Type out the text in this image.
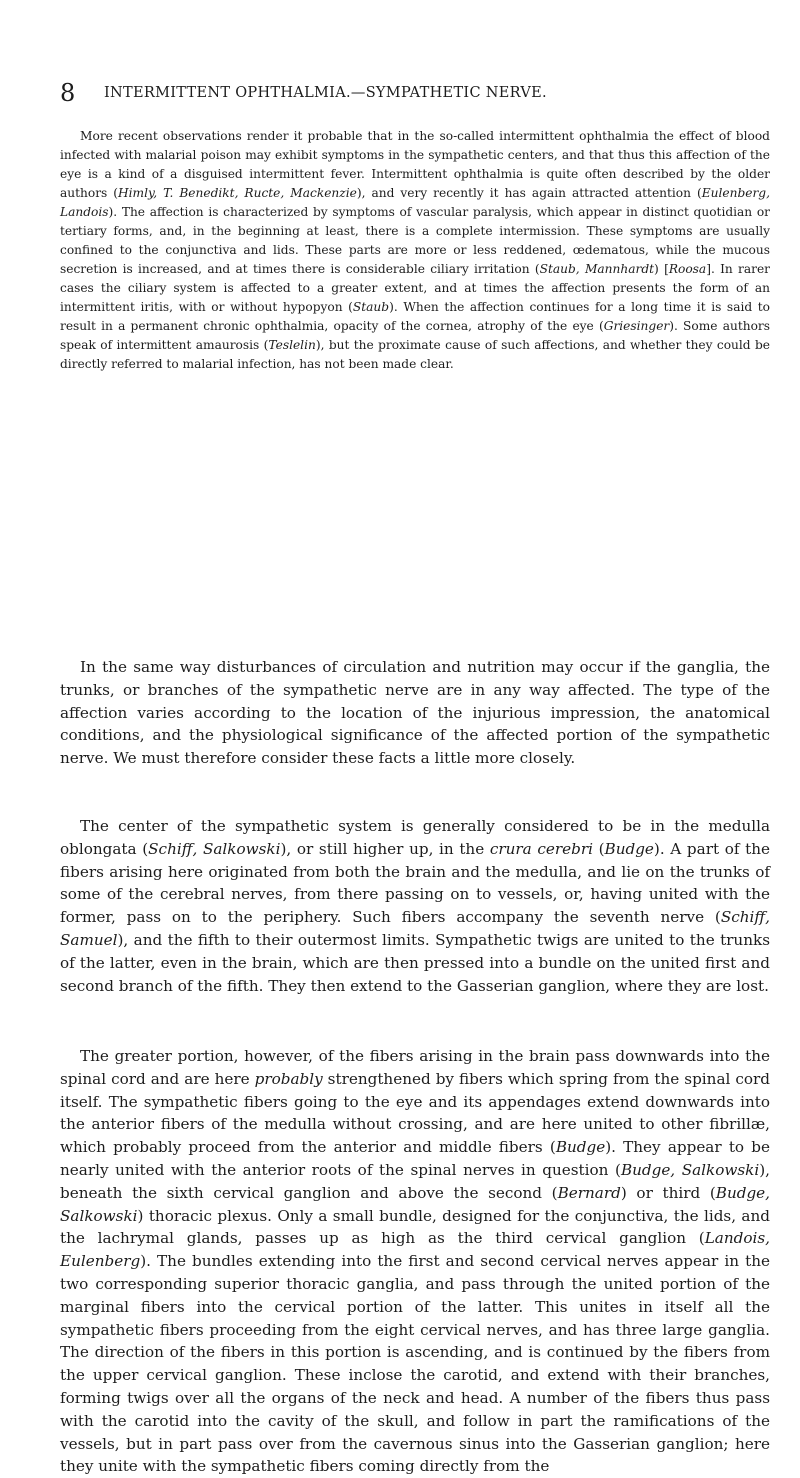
8 INTERMITTENT OPHTHALMIA.—SYMPATHETIC NERVE.

More recent observations render it probable that in the so-called intermittent ophthalmia the effect of blood infected with malarial poison may exhibit symptoms in the sympathetic centers, and that thus this affection of the eye is a kind of a disguised intermittent fever. Intermittent ophthalmia is quite often described by the older authors (Himly, T. Benedikt, Ructe, Mackenzie), and very recently it has again attracted attention (Eulenberg, Landois). The affection is characterized by symptoms of vascular paralysis, which appear in distinct quotidian or tertiary forms, and, in the beginning at least, there is a complete intermission. These symptoms are usually confined to the conjunctiva and lids. These parts are more or less reddened, œdematous, while the mucous secretion is increased, and at times there is considerable ciliary irritation (Staub, Mannhardt) [Roosa]. In rarer cases the ciliary system is affected to a greater extent, and at times the affection presents the form of an intermittent iritis, with or without hypopyon (Staub). When the affection continues for a long time it is said to result in a permanent chronic ophthalmia, opacity of the cornea, atrophy of the eye (Griesinger). Some authors speak of intermittent amaurosis (Teslelin), but the proximate cause of such affections, and whether they could be directly referred to malarial infection, has not been made clear.

In the same way disturbances of circulation and nutrition may occur if the ganglia, the trunks, or branches of the sympathetic nerve are in any way affected. The type of the affection varies according to the location of the injurious impression, the anatomical conditions, and the physiological significance of the affected portion of the sympathetic nerve. We must therefore consider these facts a little more closely.

The center of the sympathetic system is generally considered to be in the medulla oblongata (Schiff, Salkowski), or still higher up, in the crura cerebri (Budge). A part of the fibers arising here originated from both the brain and the medulla, and lie on the trunks of some of the cerebral nerves, from there passing on to vessels, or, having united with the former, pass on to the periphery. Such fibers accompany the seventh nerve (Schiff, Samuel), and the fifth to their outermost limits. Sympathetic twigs are united to the trunks of the latter, even in the brain, which are then pressed into a bundle on the united first and second branch of the fifth. They then extend to the Gasserian ganglion, where they are lost.

The greater portion, however, of the fibers arising in the brain pass downwards into the spinal cord and are here probably strengthened by fibers which spring from the spinal cord itself. The sympathetic fibers going to the eye and its appendages extend downwards into the anterior fibers of the medulla without crossing, and are here united to other fibrillæ, which probably proceed from the anterior and middle fibers (Budge). They appear to be nearly united with the anterior roots of the spinal nerves in question (Budge, Salkowski), beneath the sixth cervical ganglion and above the second (Bernard) or third (Budge, Salkowski) thoracic plexus. Only a small bundle, designed for the conjunctiva, the lids, and the lachrymal glands, passes up as high as the third cervical ganglion (Landois, Eulenberg). The bundles extending into the first and second cervical nerves appear in the two corresponding superior thoracic ganglia, and pass through the united portion of the marginal fibers into the cervical portion of the latter. This unites in itself all the sympathetic fibers proceeding from the eight cervical nerves, and has three large ganglia. The direction of the fibers in this portion is ascending, and is continued by the fibers from the upper cervical ganglion. These inclose the carotid, and extend with their branches, forming twigs over all the organs of the neck and head. A number of the fibers thus pass with the carotid into the cavity of the skull, and follow in part the ramifications of the vessels, but in part pass over from the cavernous sinus into the Gasserian ganglion; here they unite with the sympathetic fibers coming directly from the
